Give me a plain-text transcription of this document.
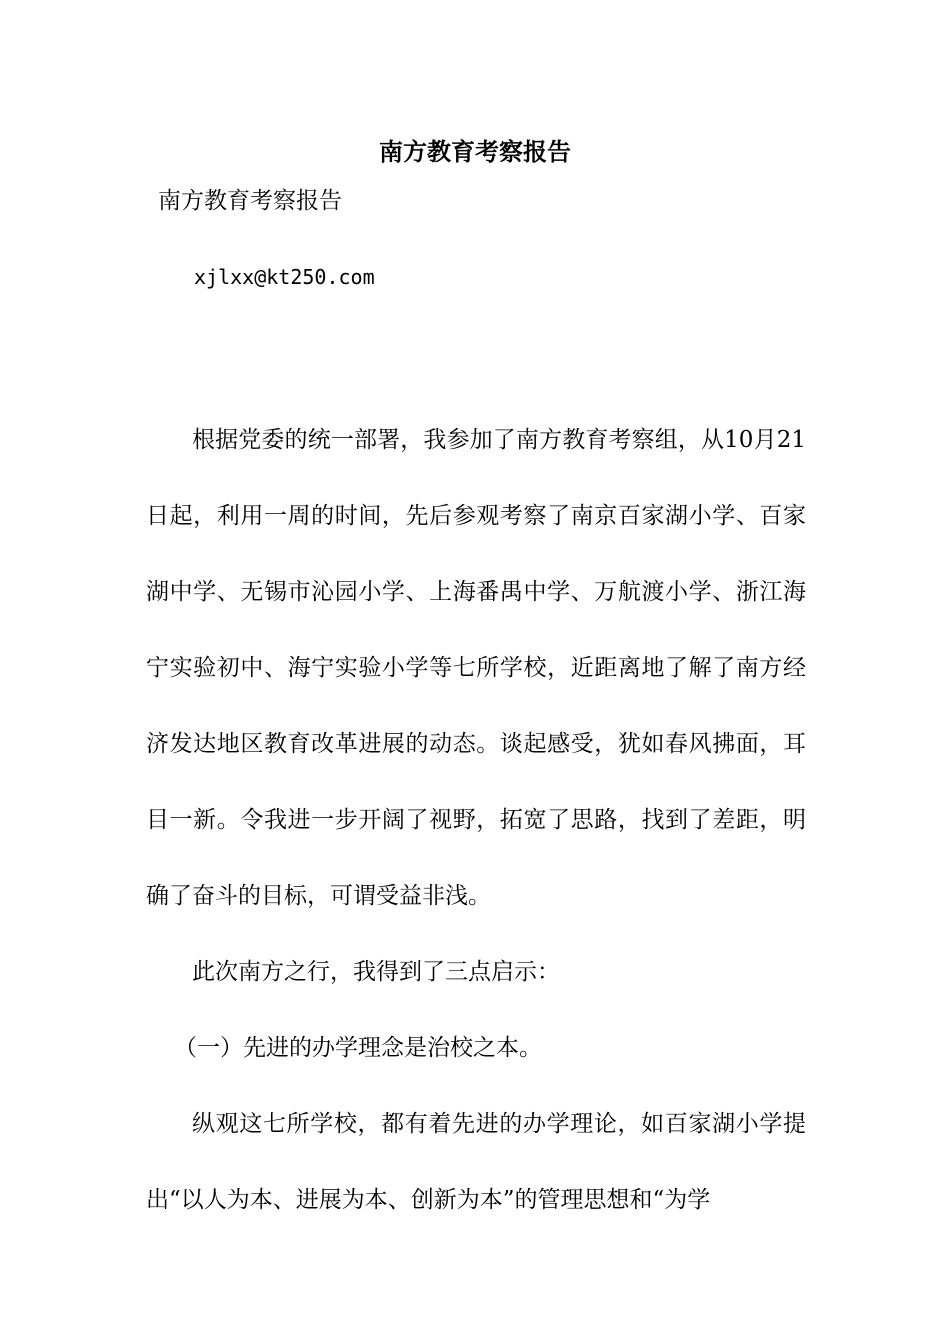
南方教育考察报告
南方教育考察报告
xjlxx@kt250.com

根据党委的统一部署，我参加了南方教育考察组，从10月21日起，利用一周的时间，先后参观考察了南京百家湖小学、百家湖中学、无锡市沁园小学、上海番禺中学、万航渡小学、浙江海宁实验初中、海宁实验小学等七所学校，近距离地了解了南方经济发达地区教育改革进展的动态。谈起感受，犹如春风拂面，耳目一新。令我进一步开阔了视野，拓宽了思路，找到了差距，明确了奋斗的目标，可谓受益非浅。

此次南方之行，我得到了三点启示：

（一）先进的办学理念是治校之本。

纵观这七所学校，都有着先进的办学理论，如百家湖小学提出“以人为本、进展为本、创新为本”的管理思想和“为学
